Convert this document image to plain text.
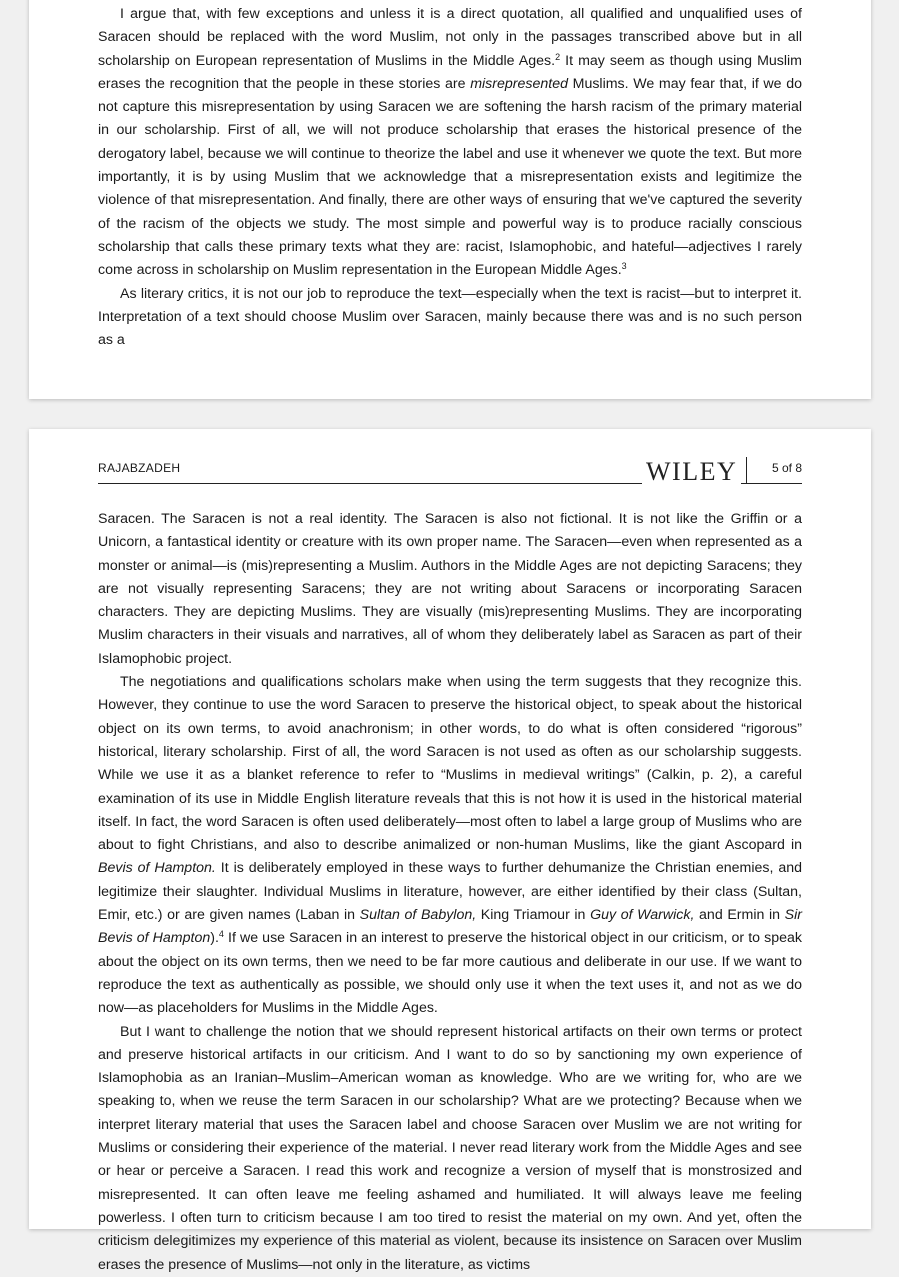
I argue that, with few exceptions and unless it is a direct quotation, all qualified and unqualified uses of Saracen should be replaced with the word Muslim, not only in the passages transcribed above but in all scholarship on European representation of Muslims in the Middle Ages.$^2$ It may seem as though using Muslim erases the recognition that the people in these stories are misrepresented Muslims. We may fear that, if we do not capture this misrepresentation by using Saracen we are softening the harsh racism of the primary material in our scholarship. First of all, we will not produce scholarship that erases the historical presence of the derogatory label, because we will continue to theorize the label and use it whenever we quote the text. But more importantly, it is by using Muslim that we acknowledge that a misrepresentation exists and legitimize the violence of that misrepresentation. And finally, there are other ways of ensuring that we've captured the severity of the racism of the objects we study. The most simple and powerful way is to produce racially conscious scholarship that calls these primary texts what they are: racist, Islamophobic, and hateful—adjectives I rarely come across in scholarship on Muslim representation in the European Middle Ages.$^3$

As literary critics, it is not our job to reproduce the text—especially when the text is racist—but to interpret it. Interpretation of a text should choose Muslim over Saracen, mainly because there was and is no such person as a

RAJABZADEH	WILEY	5 of 8

Saracen. The Saracen is not a real identity. The Saracen is also not fictional. It is not like the Griffin or a Unicorn, a fantastical identity or creature with its own proper name. The Saracen—even when represented as a monster or animal—is (mis)representing a Muslim. Authors in the Middle Ages are not depicting Saracens; they are not visually representing Saracens; they are not writing about Saracens or incorporating Saracen characters. They are depicting Muslims. They are visually (mis)representing Muslims. They are incorporating Muslim characters in their visuals and narratives, all of whom they deliberately label as Saracen as part of their Islamophobic project.

The negotiations and qualifications scholars make when using the term suggests that they recognize this. However, they continue to use the word Saracen to preserve the historical object, to speak about the historical object on its own terms, to avoid anachronism; in other words, to do what is often considered “rigorous” historical, literary scholarship. First of all, the word Saracen is not used as often as our scholarship suggests. While we use it as a blanket reference to refer to “Muslims in medieval writings” (Calkin, p. 2), a careful examination of its use in Middle English literature reveals that this is not how it is used in the historical material itself. In fact, the word Saracen is often used deliberately—most often to label a large group of Muslims who are about to fight Christians, and also to describe animalized or non-human Muslims, like the giant Ascopard in Bevis of Hampton. It is deliberately employed in these ways to further dehumanize the Christian enemies, and legitimize their slaughter. Individual Muslims in literature, however, are either identified by their class (Sultan, Emir, etc.) or are given names (Laban in Sultan of Babylon, King Triamour in Guy of Warwick, and Ermin in Sir Bevis of Hampton).$^4$ If we use Saracen in an interest to preserve the historical object in our criticism, or to speak about the object on its own terms, then we need to be far more cautious and deliberate in our use. If we want to reproduce the text as authentically as possible, we should only use it when the text uses it, and not as we do now—as placeholders for Muslims in the Middle Ages.

But I want to challenge the notion that we should represent historical artifacts on their own terms or protect and preserve historical artifacts in our criticism. And I want to do so by sanctioning my own experience of Islamophobia as an Iranian–Muslim–American woman as knowledge. Who are we writing for, who are we speaking to, when we reuse the term Saracen in our scholarship? What are we protecting? Because when we interpret literary material that uses the Saracen label and choose Saracen over Muslim we are not writing for Muslims or considering their experience of the material. I never read literary work from the Middle Ages and see or hear or perceive a Saracen. I read this work and recognize a version of myself that is monstrosized and misrepresented. It can often leave me feeling ashamed and humiliated. It will always leave me feeling powerless. I often turn to criticism because I am too tired to resist the material on my own. And yet, often the criticism delegitimizes my experience of this material as violent, because its insistence on Saracen over Muslim erases the presence of Muslims—not only in the literature, as victims
